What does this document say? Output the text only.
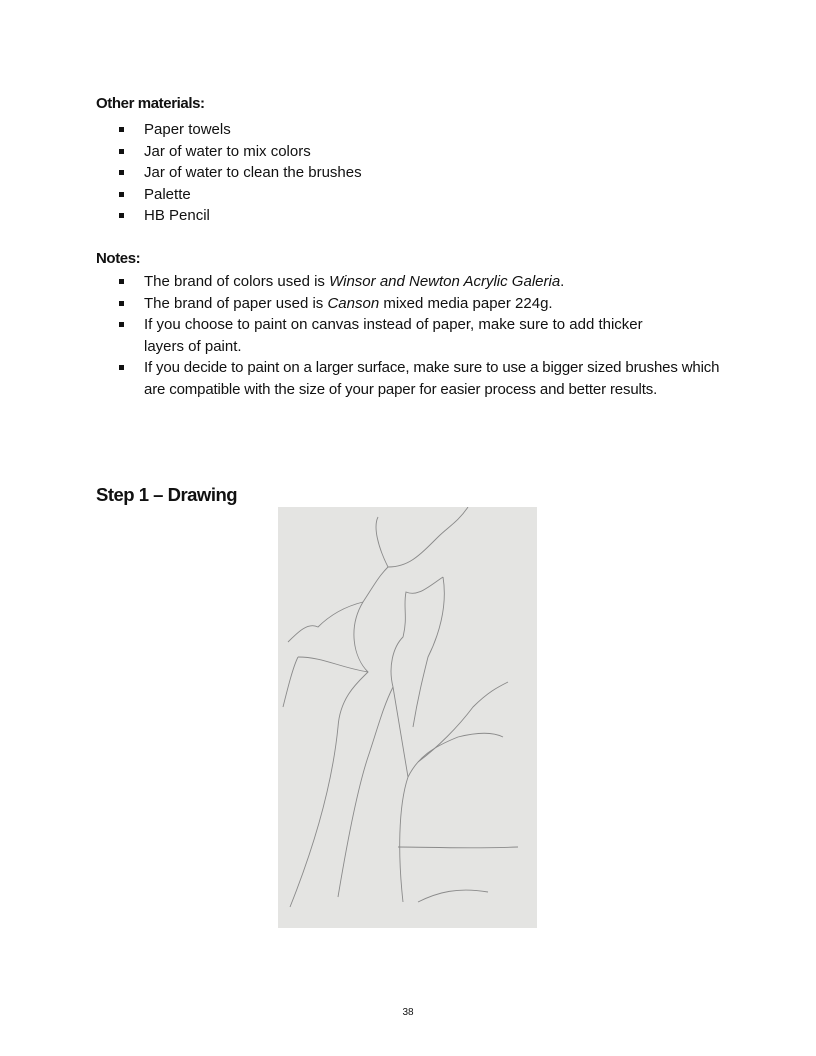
Other materials:
Paper towels
Jar of water to mix colors
Jar of water to clean the brushes
Palette
HB Pencil
Notes:
The brand of colors used is Winsor and Newton Acrylic Galeria.
The brand of paper used is Canson mixed media paper 224g.
If you choose to paint on canvas instead of paper, make sure to add thicker layers of paint.
If you decide to paint on a larger surface, make sure to use a bigger sized brushes which are compatible with the size of your paper for easier process and better results.
Step 1 – Drawing
38
